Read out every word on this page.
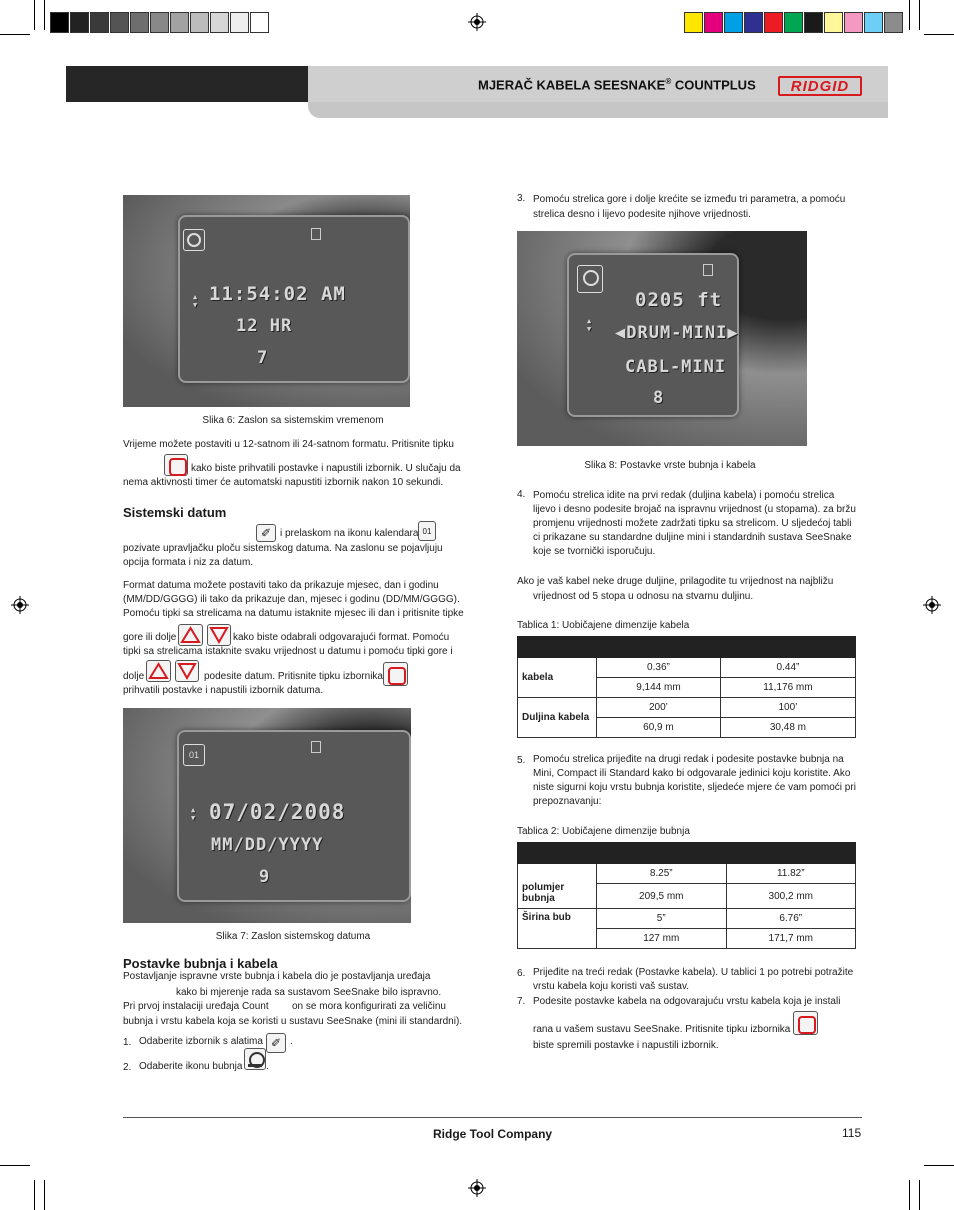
MJERAČ KABELA SEESNAKE® COUNTPLUS	RIDGID
11:54:02 AM
12 HR
7
▲
▼
Slika 6: Zaslon sa sistemskim vremenom
Vrijeme možete postaviti u 12-satnom ili 24-satnom formatu. Pritisnite tipku
kako biste prihvatili postavke i napustili izbornik. U slučaju da
nema aktivnosti timer će automatski napustiti izbornik nakon 10 sekundi.
Sistemski datum
✐ i prelaskom na ikonu kalendara 01
pozivate upravljačku ploču sistemskog datuma. Na zaslonu se pojavljuju
opcija formata i niz za datum.
Format datuma možete postaviti tako da prikazuje mjesec, dan i godinu
(MM/DD/GGGG) ili tako da prikazuje dan, mjesec i godinu (DD/MM/GGGG).
Pomoću tipki sa strelicama na datumu istaknite mjesec ili dan i pritisnite tipke
gore ili dolje	kako biste odabrali odgovarajući format. Pomoću
tipki sa strelicama istaknite svaku vrijednost u datumu i pomoću tipki gore i
dolje	podesite datum. Pritisnite tipku izbornika
prihvatili postavke i napustili izbornik datuma.
01
07/02/2008
MM/DD/YYYY
9
▲
▼
Slika 7: Zaslon sistemskog datuma
Postavke bubnja i kabela
Postavljanje ispravne vrste bubnja i kabela dio je postavljanja uređaja
kako bi mjerenje rada sa sustavom SeeSnake bilo ispravno.
Pri prvoj instalaciji uređaja Count on se mora konfigurirati za veličinu
bubnja i vrstu kabela koja se koristi u sustavu SeeSnake (mini ili standardni).
1. Odaberite izbornik s alatima ✐ .
2. Odaberite ikonu bubnja .
3. Pomoću strelica gore i dolje krećite se između tri parametra, a pomoću
strelica desno i lijevo podesite njihove vrijednosti.
0205 ft
◀DRUM-MINI▶
CABL-MINI
8
▲
▼
Slika 8: Postavke vrste bubnja i kabela
4. Pomoću strelica idite na prvi redak (duljina kabela) i pomoću strelica
lijevo i desno podesite brojač na ispravnu vrijednost (u stopama). za bržu
promjenu vrijednosti možete zadržati tipku sa strelicom. U sljedećoj tabli
ci prikazane su standardne duljine mini i standardnih sustava SeeSnake
koje se tvornički isporučuju.
Ako je vaš kabel neke druge duljine, prilagodite tu vrijednost na najbližu
vrijednost od 5 stopa u odnosu na stvarnu duljinu.
Tablica 1: Uobičajene dimenzije kabela

kabela	0.36”	0.44”
	9,144 mm	11,176 mm
Duljina kabela	200’	100’
	60,9 m	30,48 m
5. Pomoću strelica prijeđite na drugi redak i podesite postavke bubnja na
Mini, Compact ili Standard kako bi odgovarale jedinici koju koristite. Ako
niste sigurni koju vrstu bubnja koristite, sljedeće mjere će vam pomoći pri
prepoznavanju:
Tablica 2: Uobičajene dimenzije bubnja

polumjer bubnja	8.25”	11.82”
	209,5 mm	300,2 mm
Širina bub	5”	6.76”
	127 mm	171,7 mm
6. Prijeđite na treći redak (Postavke kabela). U tablici 1 po potrebi potražite
vrstu kabela koju koristi vaš sustav.
7. Podesite postavke kabela na odgovarajuću vrstu kabela koja je instali
rana u vašem sustavu SeeSnake. Pritisnite tipku izbornika
biste spremili postavke i napustili izbornik.
Ridge Tool Company	115
